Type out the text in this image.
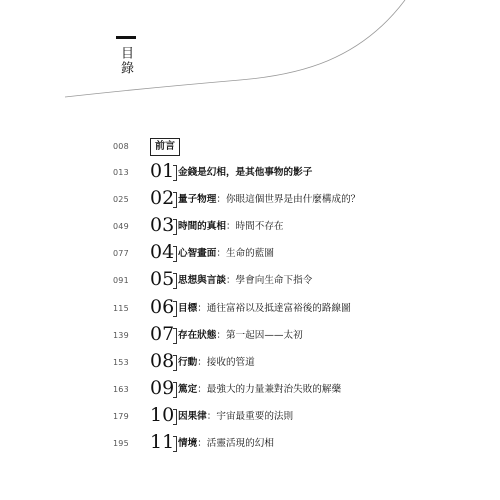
目錄
008	前言
013 01 金錢是幻相，是其他事物的影子
025 02 量子物理：你眼這個世界是由什麼構成的？
049 03 時間的真相：時間不存在
077 04 心智畫面：生命的藍圖
091 05 思想與言談：學會向生命下指令
115 06 目標：通往富裕以及抵達富裕後的路線圖
139 07 存在狀態：第一起因——太初
153 08 行動：接收的管道
163 09 篤定：最強大的力量兼對治失敗的解藥
179 10 因果律：宇宙最重要的法則
195 11 情境：活靈活現的幻相
